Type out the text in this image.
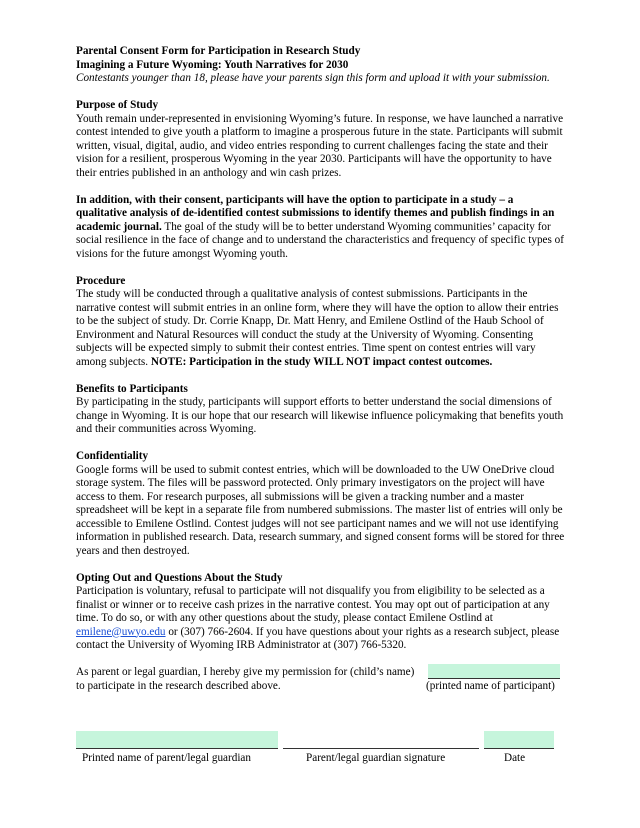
Parental Consent Form for Participation in Research Study

Imagining a Future Wyoming: Youth Narratives for 2030

Contestants younger than 18, please have your parents sign this form and upload it with your submission.

Purpose of Study

Youth remain under-represented in envisioning Wyoming’s future. In response, we have launched a narrative contest intended to give youth a platform to imagine a prosperous future in the state. Participants will submit written, visual, digital, audio, and video entries responding to current challenges facing the state and their vision for a resilient, prosperous Wyoming in the year 2030. Participants will have the opportunity to have their entries published in an anthology and win cash prizes.

In addition, with their consent, participants will have the option to participate in a study – a qualitative analysis of de-identified contest submissions to identify themes and publish findings in an academic journal. The goal of the study will be to better understand Wyoming communities’ capacity for social resilience in the face of change and to understand the characteristics and frequency of specific types of visions for the future amongst Wyoming youth.

Procedure

The study will be conducted through a qualitative analysis of contest submissions. Participants in the narrative contest will submit entries in an online form, where they will have the option to allow their entries to be the subject of study. Dr. Corrie Knapp, Dr. Matt Henry, and Emilene Ostlind of the Haub School of Environment and Natural Resources will conduct the study at the University of Wyoming. Consenting subjects will be expected simply to submit their contest entries. Time spent on contest entries will vary among subjects. NOTE: Participation in the study WILL NOT impact contest outcomes.

Benefits to Participants

By participating in the study, participants will support efforts to better understand the social dimensions of change in Wyoming. It is our hope that our research will likewise influence policymaking that benefits youth and their communities across Wyoming.

Confidentiality

Google forms will be used to submit contest entries, which will be downloaded to the UW OneDrive cloud storage system. The files will be password protected. Only primary investigators on the project will have access to them. For research purposes, all submissions will be given a tracking number and a master spreadsheet will be kept in a separate file from numbered submissions. The master list of entries will only be accessible to Emilene Ostlind. Contest judges will not see participant names and we will not use identifying information in published research. Data, research summary, and signed consent forms will be stored for three years and then destroyed.

Opting Out and Questions About the Study

Participation is voluntary, refusal to participate will not disqualify you from eligibility to be selected as a finalist or winner or to receive cash prizes in the narrative contest. You may opt out of participation at any time. To do so, or with any other questions about the study, please contact Emilene Ostlind at emilene@uwyo.edu or (307) 766-2604. If you have questions about your rights as a research subject, please contact the University of Wyoming IRB Administrator at (307) 766-5320.

As parent or legal guardian, I hereby give my permission for (child’s name)
to participate in the research described above.	(printed name of participant)
Printed name of parent/legal guardian	Parent/legal guardian signature	Date
